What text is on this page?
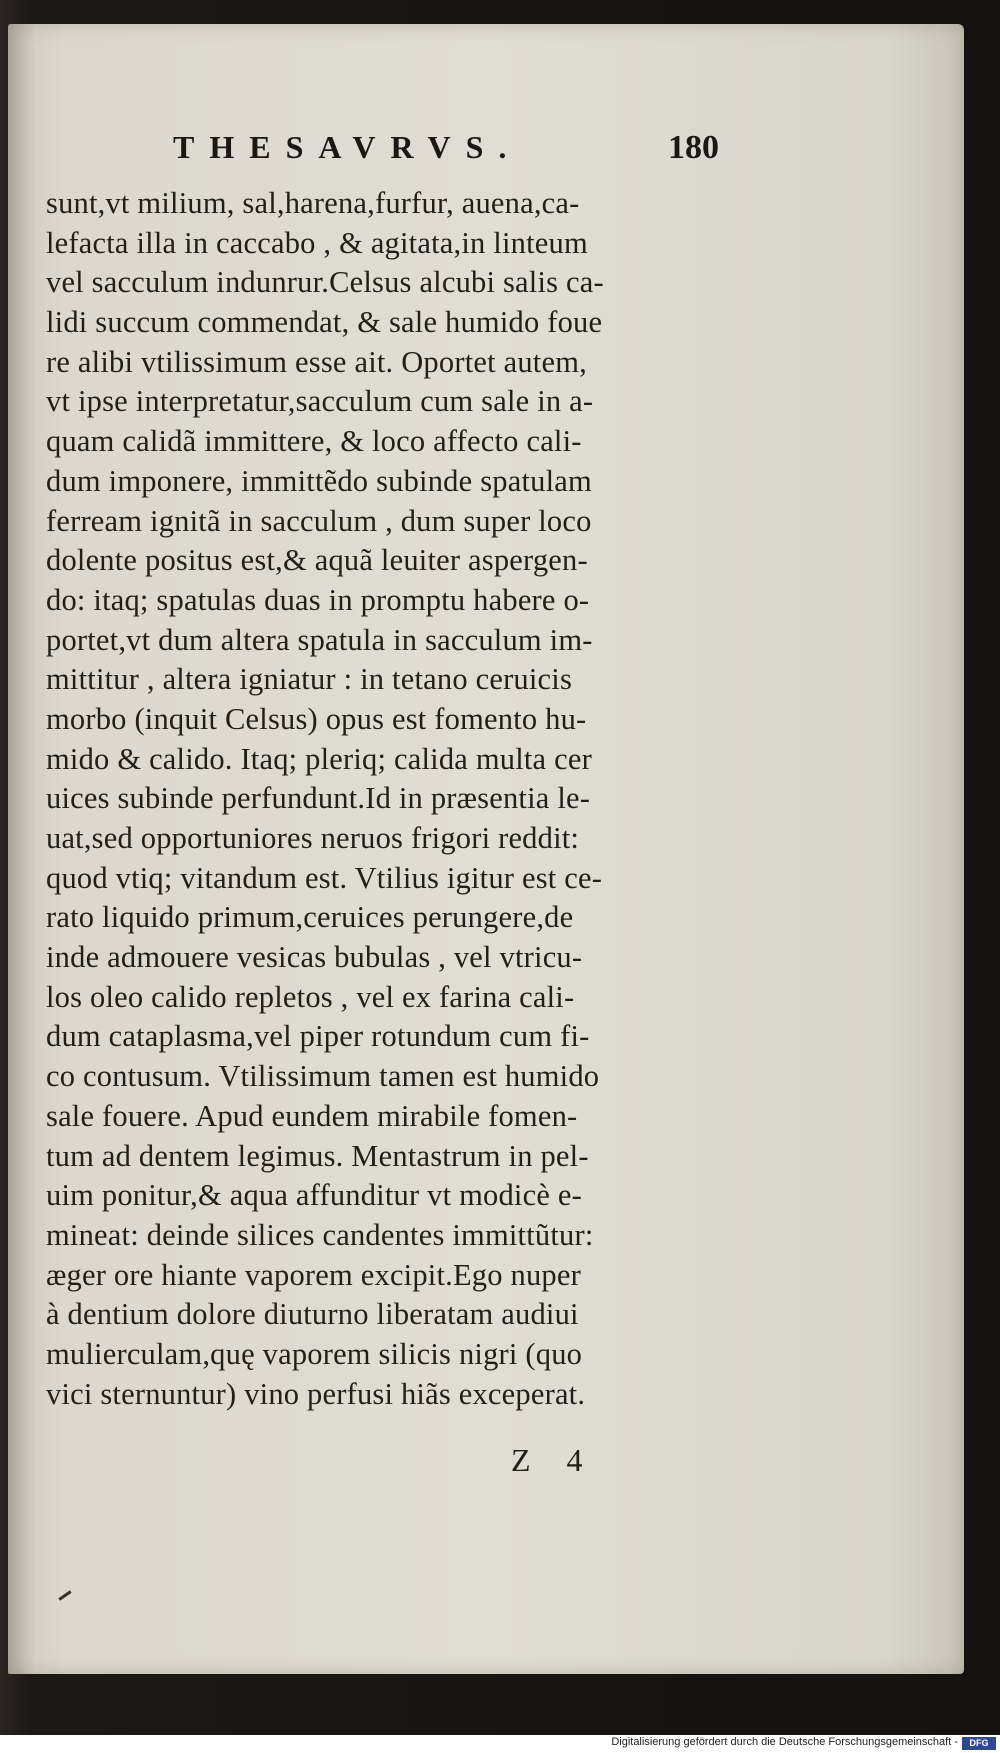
THESAVRVS.	180
sunt,vt milium, sal,harena,furfur, auena,ca-
lefacta illa in caccabo , & agitata,in linteum
vel sacculum indunrur.Celsus alcubi salis ca-
lidi succum commendat, & sale humido foue
re alibi vtilissimum esse ait. Oportet autem,
vt ipse interpretatur,sacculum cum sale in a-
quam calidã immittere, & loco affecto cali-
dum imponere, immittẽdo subinde spatulam
ferream ignitã in sacculum , dum super loco
dolente positus est,& aquã leuiter aspergen-
do: itaq; spatulas duas in promptu habere o-
portet,vt dum altera spatula in sacculum im-
mittitur , altera igniatur : in tetano ceruicis
morbo (inquit Celsus) opus est fomento hu-
mido & calido. Itaq; pleriq; calida multa cer
uices subinde perfundunt.Id in præsentia le-
uat,sed opportuniores neruos frigori reddit:
quod vtiq; vitandum est. Vtilius igitur est ce-
rato liquido primum,ceruices perungere,de
inde admouere vesicas bubulas , vel vtricu-
los oleo calido repletos , vel ex farina cali-
dum cataplasma,vel piper rotundum cum fi-
co contusum. Vtilissimum tamen est humido
sale fouere. Apud eundem mirabile fomen-
tum ad dentem legimus. Mentastrum in pel-
uim ponitur,& aqua affunditur vt modicè e-
mineat: deinde silices candentes immittũtur:
æger ore hiante vaporem excipit.Ego nuper
à dentium dolore diuturno liberatam audiui
mulierculam,quę vaporem silicis nigri (quo
vici sternuntur) vino perfusi hiãs exceperat.
Z 4
Digitalisierung gefördert durch die Deutsche Forschungsgemeinschaft -	DFG
